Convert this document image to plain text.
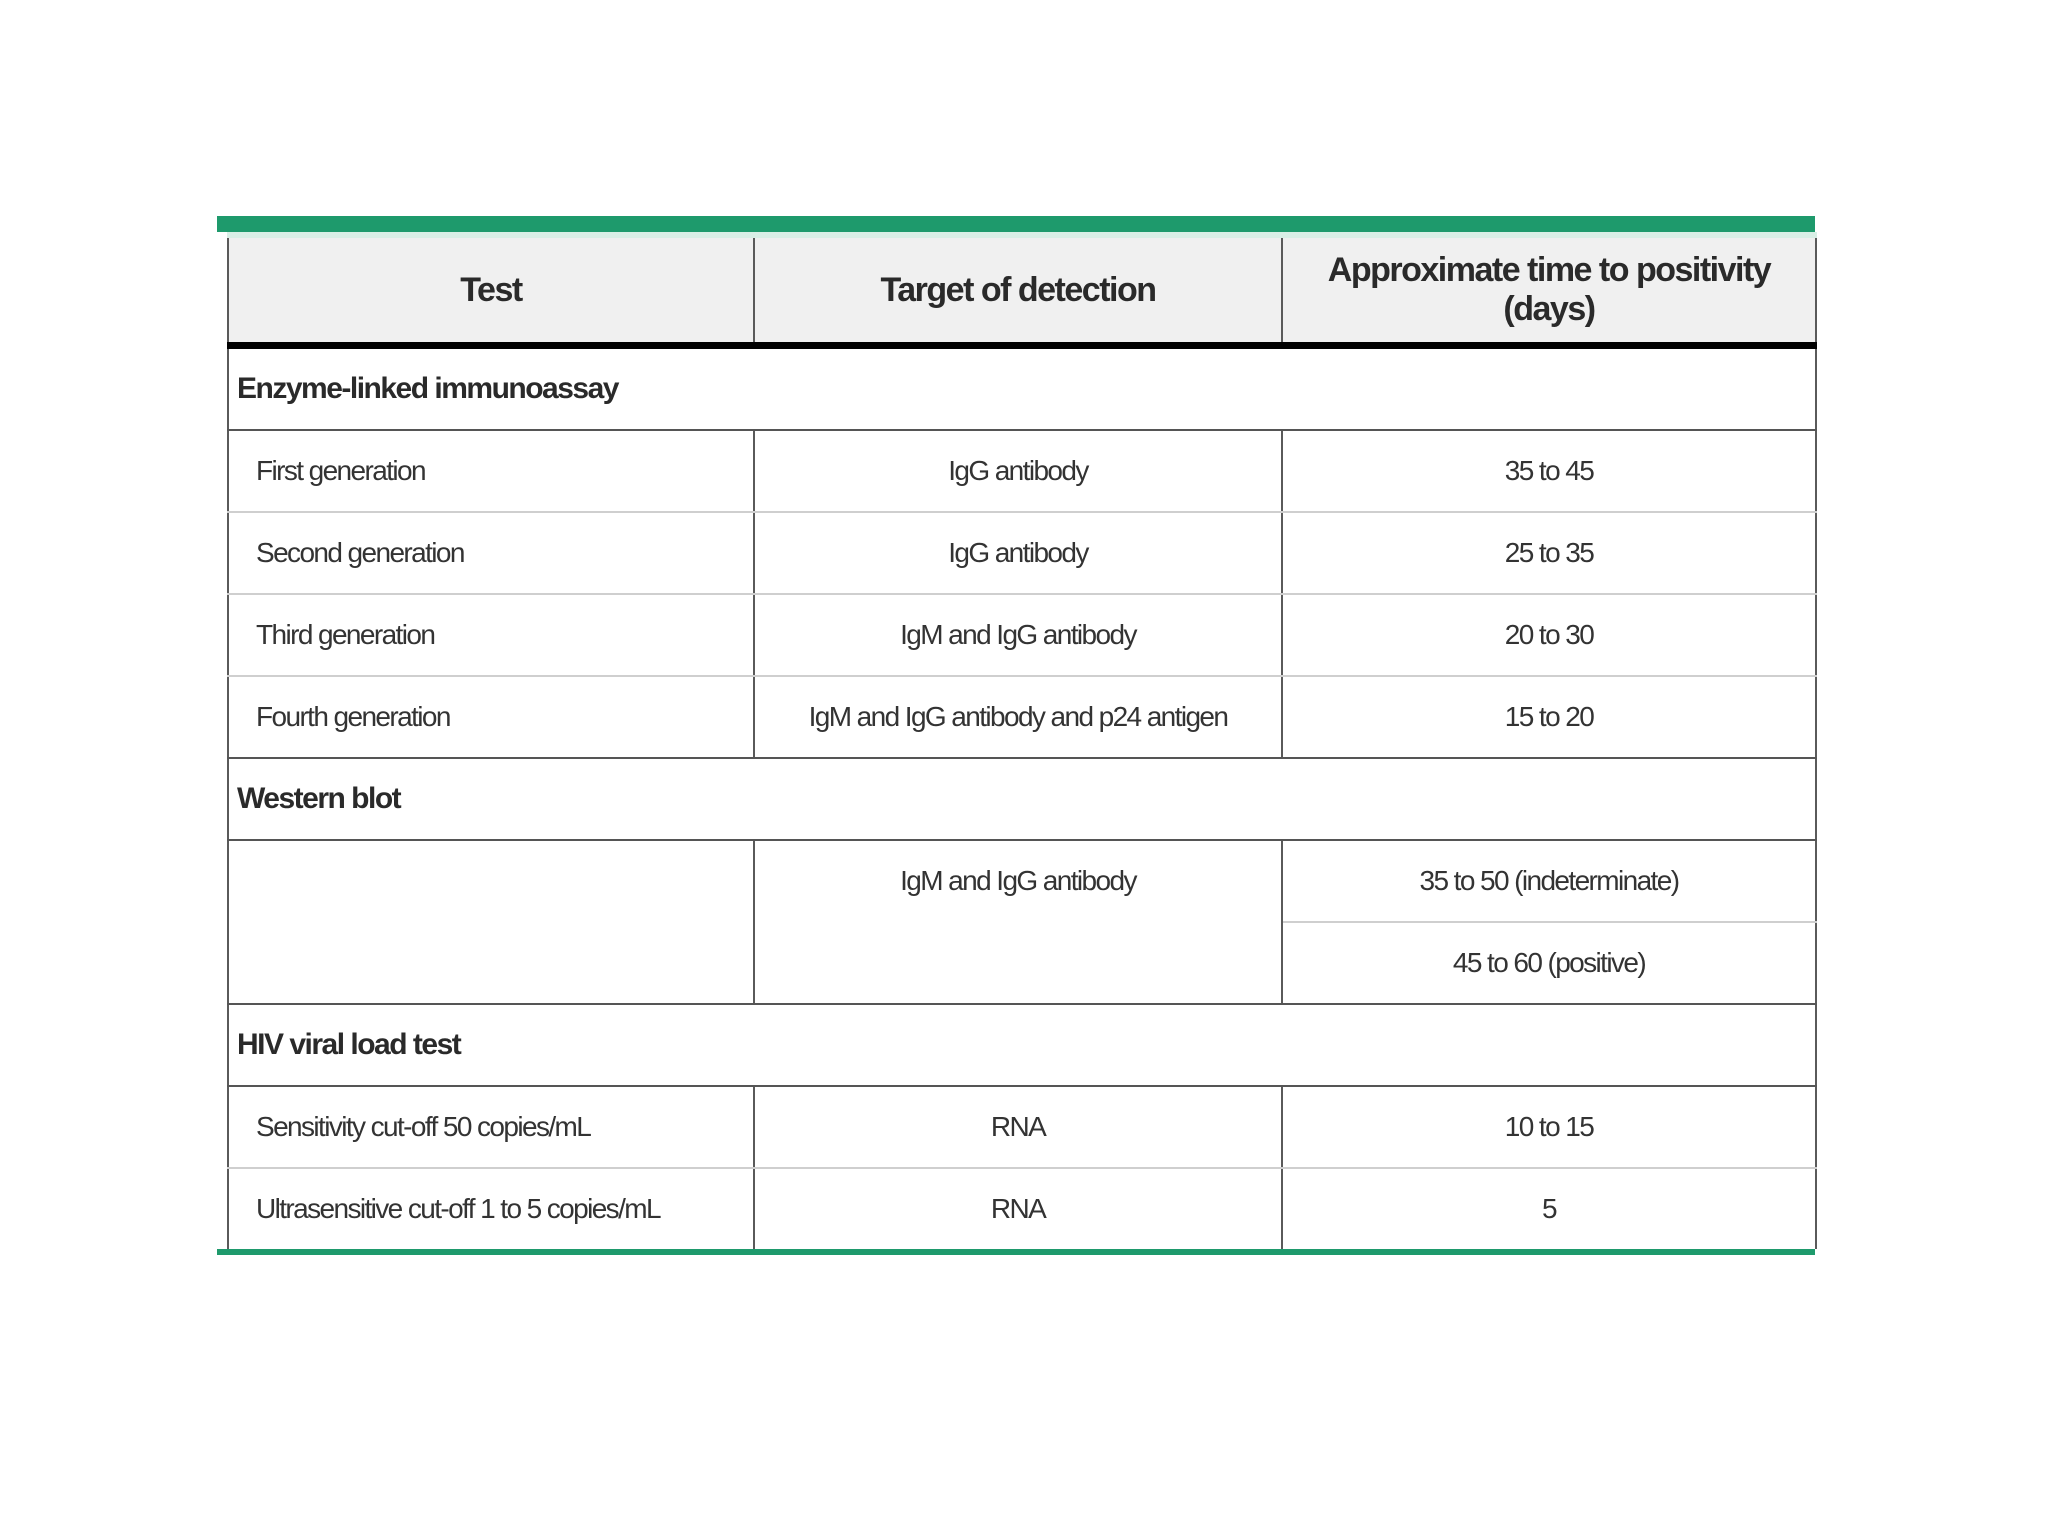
Test	Target of detection	Approximate time to positivity (days)
Enzyme-linked immunoassay		
First generation	IgG antibody	35 to 45
Second generation	IgG antibody	25 to 35
Third generation	IgM and IgG antibody	20 to 30
Fourth generation	IgM and IgG antibody and p24 antigen	15 to 20
Western blot		
	IgM and IgG antibody	35 to 50 (indeterminate)
		45 to 60 (positive)
HIV viral load test		
Sensitivity cut-off 50 copies/mL	RNA	10 to 15
Ultrasensitive cut-off 1 to 5 copies/mL	RNA	5
